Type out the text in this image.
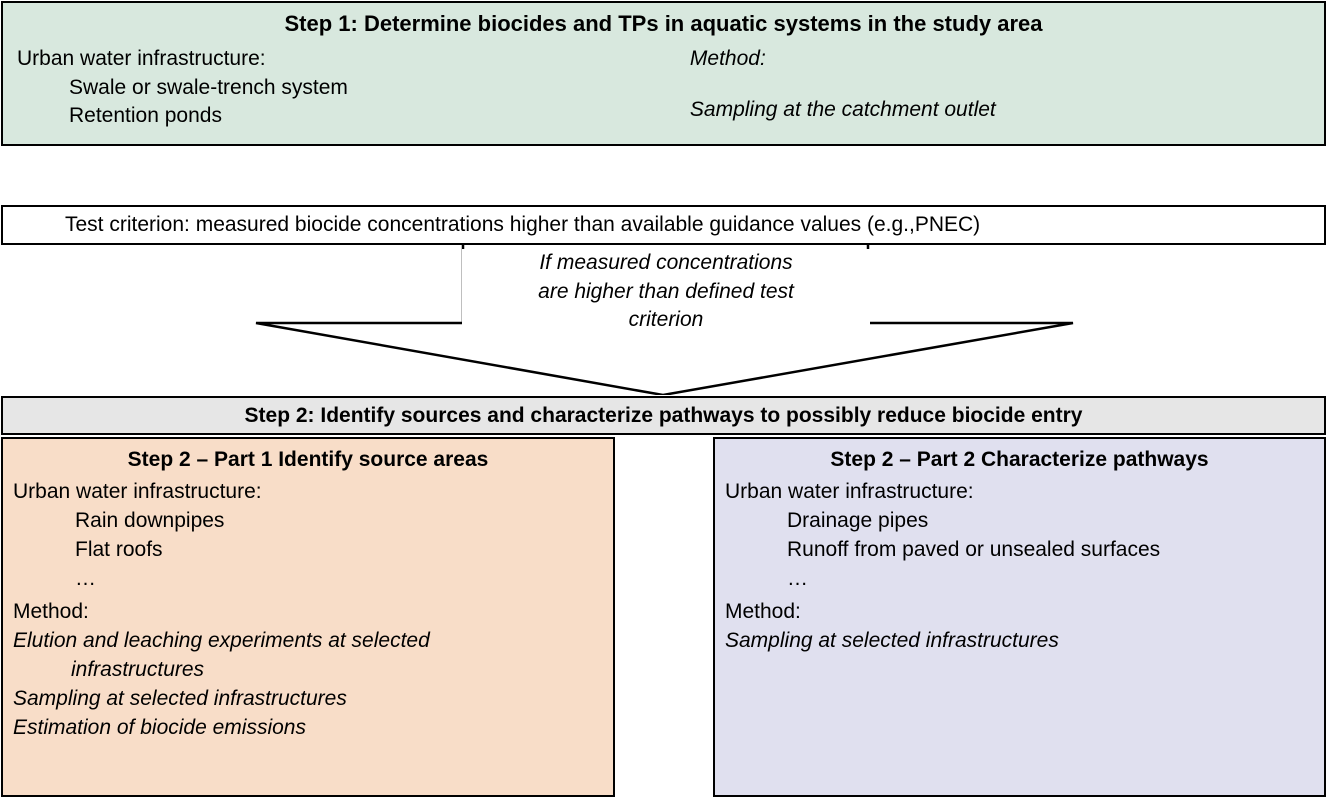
Step 1: Determine biocides and TPs in aquatic systems in the study area
Urban water infrastructure:
Swale or swale-trench system
Retention ponds
Method:
Sampling at the catchment outlet
Test criterion: measured biocide concentrations higher than available guidance values (e.g.,PNEC)
If measured concentrations
are higher than defined test
criterion
Step 2: Identify sources and characterize pathways to possibly reduce biocide entry
Step 2 – Part 1 Identify source areas
Urban water infrastructure:
Rain downpipes
Flat roofs
…
Method:
Elution and leaching experiments at selected
infrastructures
Sampling at selected infrastructures
Estimation of biocide emissions
Step 2 – Part 2 Characterize pathways
Urban water infrastructure:
Drainage pipes
Runoff from paved or unsealed surfaces
…
Method:
Sampling at selected infrastructures
